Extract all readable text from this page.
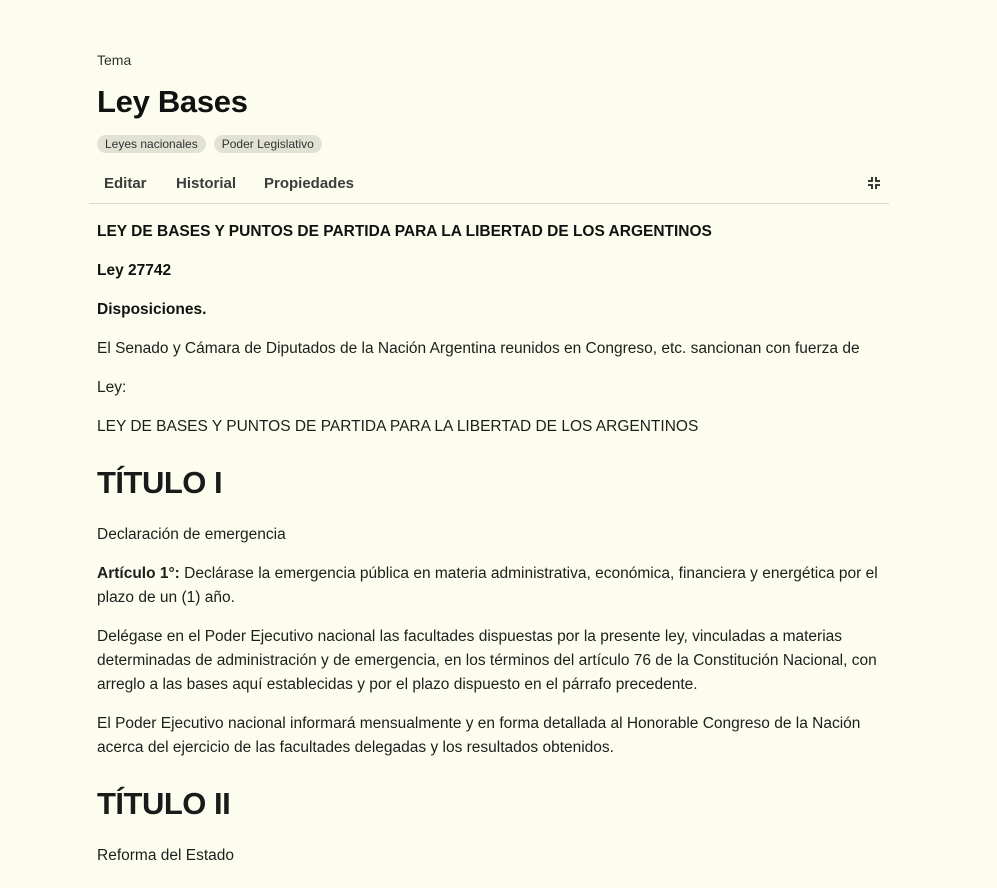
Tema
Ley Bases
Leyes nacionales	Poder Legislativo
Editar Historial Propiedades

LEY DE BASES Y PUNTOS DE PARTIDA PARA LA LIBERTAD DE LOS ARGENTINOS

Ley 27742

Disposiciones.

El Senado y Cámara de Diputados de la Nación Argentina reunidos en Congreso, etc. sancionan con fuerza de

Ley:

LEY DE BASES Y PUNTOS DE PARTIDA PARA LA LIBERTAD DE LOS ARGENTINOS

TÍTULO I

Declaración de emergencia

Artículo 1°: Declárase la emergencia pública en materia administrativa, económica, financiera y energética por el plazo de un (1) año.

Delégase en el Poder Ejecutivo nacional las facultades dispuestas por la presente ley, vinculadas a materias determinadas de administración y de emergencia, en los términos del artículo 76 de la Constitución Nacional, con arreglo a las bases aquí establecidas y por el plazo dispuesto en el párrafo precedente.

El Poder Ejecutivo nacional informará mensualmente y en forma detallada al Honorable Congreso de la Nación acerca del ejercicio de las facultades delegadas y los resultados obtenidos.

TÍTULO II

Reforma del Estado
